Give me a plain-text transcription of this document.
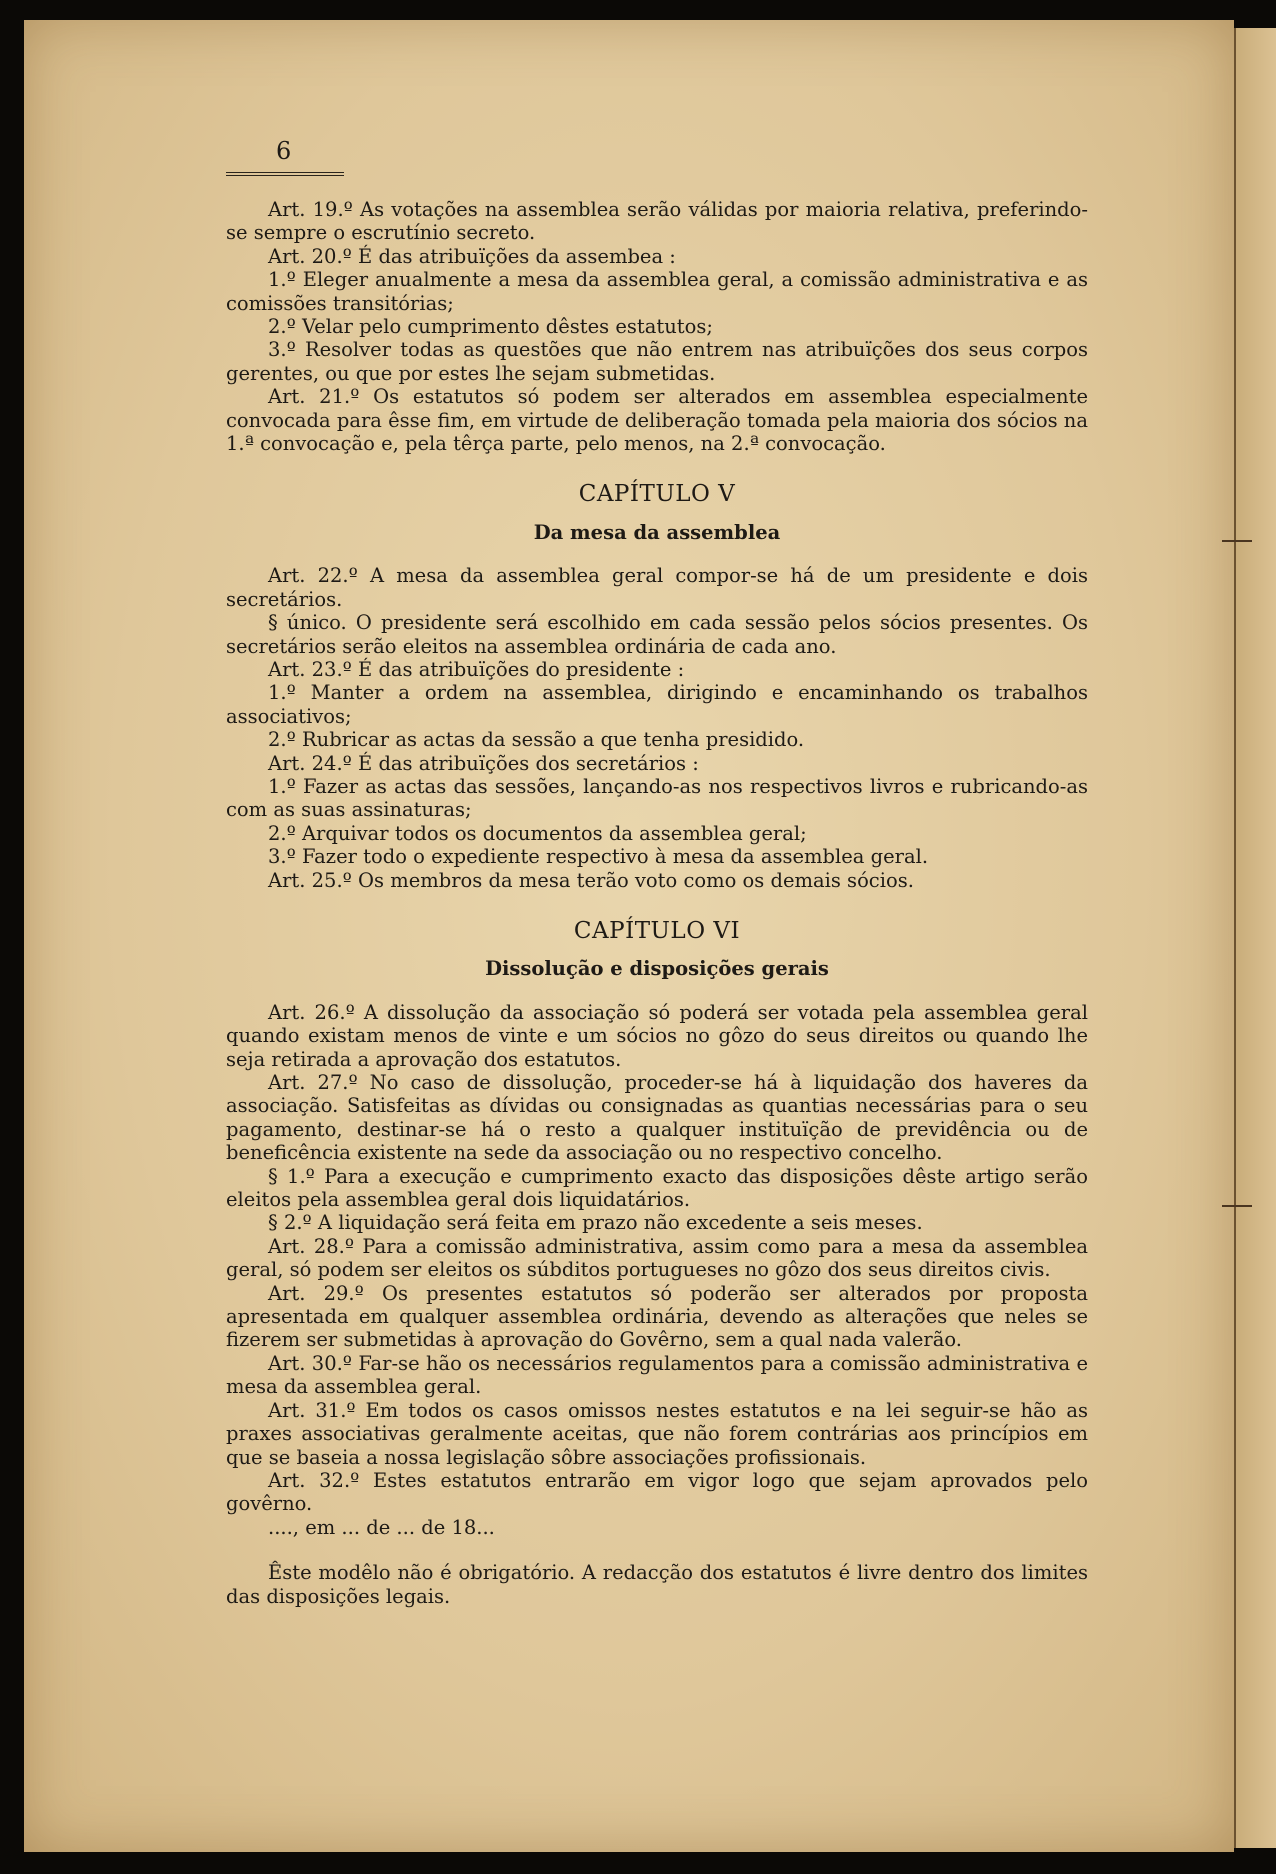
6

Art. 19.º As votações na assemblea serão válidas por maioria relativa, preferindo-se sempre o escrutínio secreto.

Art. 20.º É das atribuïções da assembea :

1.º Eleger anualmente a mesa da assemblea geral, a comissão administrativa e as comissões transitórias;

2.º Velar pelo cumprimento dêstes estatutos;

3.º Resolver todas as questões que não entrem nas atribuïções dos seus corpos gerentes, ou que por estes lhe sejam submetidas.

Art. 21.º Os estatutos só podem ser alterados em assemblea especialmente convocada para êsse fim, em virtude de deliberação tomada pela maioria dos sócios na 1.ª convocação e, pela têrça parte, pelo menos, na 2.ª convocação.

CAPÍTULO V
Da mesa da assemblea

Art. 22.º A mesa da assemblea geral compor-se há de um presidente e dois secretários.

§ único. O presidente será escolhido em cada sessão pelos sócios presentes. Os secretários serão eleitos na assemblea ordinária de cada ano.

Art. 23.º É das atribuïções do presidente :

1.º Manter a ordem na assemblea, dirigindo e encaminhando os trabalhos associativos;

2.º Rubricar as actas da sessão a que tenha presidido.

Art. 24.º É das atribuïções dos secretários :

1.º Fazer as actas das sessões, lançando-as nos respectivos livros e rubricando-as com as suas assinaturas;

2.º Arquivar todos os documentos da assemblea geral;

3.º Fazer todo o expediente respectivo à mesa da assemblea geral.

Art. 25.º Os membros da mesa terão voto como os demais sócios.

CAPÍTULO VI
Dissolução e disposições gerais

Art. 26.º A dissolução da associação só poderá ser votada pela assemblea geral quando existam menos de vinte e um sócios no gôzo do seus direitos ou quando lhe seja retirada a aprovação dos estatutos.

Art. 27.º No caso de dissolução, proceder-se há à liquidação dos haveres da associação. Satisfeitas as dívidas ou consignadas as quantias necessárias para o seu pagamento, destinar-se há o resto a qualquer instituïção de previdência ou de beneficência existente na sede da associação ou no respectivo concelho.

§ 1.º Para a execução e cumprimento exacto das disposições dêste artigo serão eleitos pela assemblea geral dois liquidatários.

§ 2.º A liquidação será feita em prazo não excedente a seis meses.

Art. 28.º Para a comissão administrativa, assim como para a mesa da assemblea geral, só podem ser eleitos os súbditos portugueses no gôzo dos seus direitos civis.

Art. 29.º Os presentes estatutos só poderão ser alterados por proposta apresentada em qualquer assemblea ordinária, devendo as alterações que neles se fizerem ser submetidas à aprovação do Govêrno, sem a qual nada valerão.

Art. 30.º Far-se hão os necessários regulamentos para a comissão administrativa e mesa da assemblea geral.

Art. 31.º Em todos os casos omissos nestes estatutos e na lei seguir-se hão as praxes associativas geralmente aceitas, que não forem contrárias aos princípios em que se baseia a nossa legislação sôbre associações profissionais.

Art. 32.º Estes estatutos entrarão em vigor logo que sejam aprovados pelo govêrno.

...., em ... de ... de 18...

Êste modêlo não é obrigatório. A redacção dos estatutos é livre dentro dos limites das disposições legais.
